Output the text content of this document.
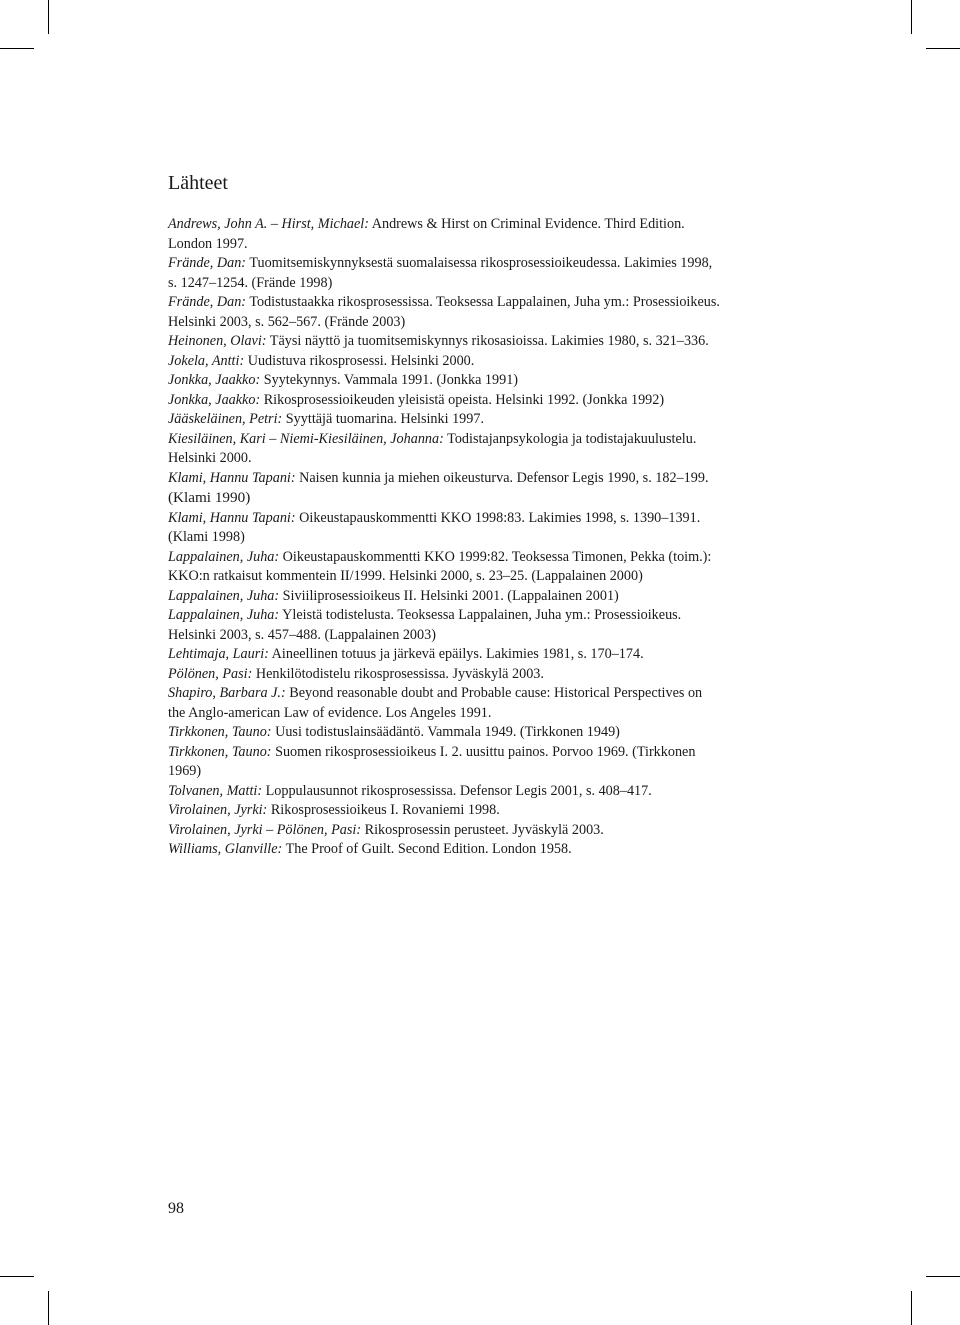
Lähteet
Andrews, John A. – Hirst, Michael: Andrews & Hirst on Criminal Evidence. Third Edition.
London 1997.
Frände, Dan: Tuomitsemiskynnyksestä suomalaisessa rikosprosessioikeudessa. Lakimies 1998,
s. 1247–1254. (Frände 1998)
Frände, Dan: Todistustaakka rikosprosessissa. Teoksessa Lappalainen, Juha ym.: Prosessioikeus.
Helsinki 2003, s. 562–567. (Frände 2003)
Heinonen, Olavi: Täysi näyttö ja tuomitsemiskynnys rikosasioissa. Lakimies 1980, s. 321–336.
Jokela, Antti: Uudistuva rikosprosessi. Helsinki 2000.
Jonkka, Jaakko: Syytekynnys. Vammala 1991. (Jonkka 1991)
Jonkka, Jaakko: Rikosprosessioikeuden yleisistä opeista. Helsinki 1992. (Jonkka 1992)
Jääskeläinen, Petri: Syyttäjä tuomarina. Helsinki 1997.
Kiesiläinen, Kari – Niemi-Kiesiläinen, Johanna: Todistajanpsykologia ja todistajakuulustelu.
Helsinki 2000.
Klami, Hannu Tapani: Naisen kunnia ja miehen oikeusturva. Defensor Legis 1990, s. 182–199.
(Klami 1990)
Klami, Hannu Tapani: Oikeustapauskommentti KKO 1998:83. Lakimies 1998, s. 1390–1391.
(Klami 1998)
Lappalainen, Juha: Oikeustapauskommentti KKO 1999:82. Teoksessa Timonen, Pekka (toim.):
KKO:n ratkaisut kommentein II/1999. Helsinki 2000, s. 23–25. (Lappalainen 2000)
Lappalainen, Juha: Siviiliprosessioikeus II. Helsinki 2001. (Lappalainen 2001)
Lappalainen, Juha: Yleistä todistelusta. Teoksessa Lappalainen, Juha ym.: Prosessioikeus.
Helsinki 2003, s. 457–488. (Lappalainen 2003)
Lehtimaja, Lauri: Aineellinen totuus ja järkevä epäilys. Lakimies 1981, s. 170–174.
Pölönen, Pasi: Henkilötodistelu rikosprosessissa. Jyväskylä 2003.
Shapiro, Barbara J.: Beyond reasonable doubt and Probable cause: Historical Perspectives on
the Anglo-american Law of evidence. Los Angeles 1991.
Tirkkonen, Tauno: Uusi todistuslainsäädäntö. Vammala 1949. (Tirkkonen 1949)
Tirkkonen, Tauno: Suomen rikosprosessioikeus I. 2. uusittu painos. Porvoo 1969. (Tirkkonen
1969)
Tolvanen, Matti: Loppulausunnot rikosprosessissa. Defensor Legis 2001, s. 408–417.
Virolainen, Jyrki: Rikosprosessioikeus I. Rovaniemi 1998.
Virolainen, Jyrki – Pölönen, Pasi: Rikosprosessin perusteet. Jyväskylä 2003.
Williams, Glanville: The Proof of Guilt. Second Edition. London 1958.
98
